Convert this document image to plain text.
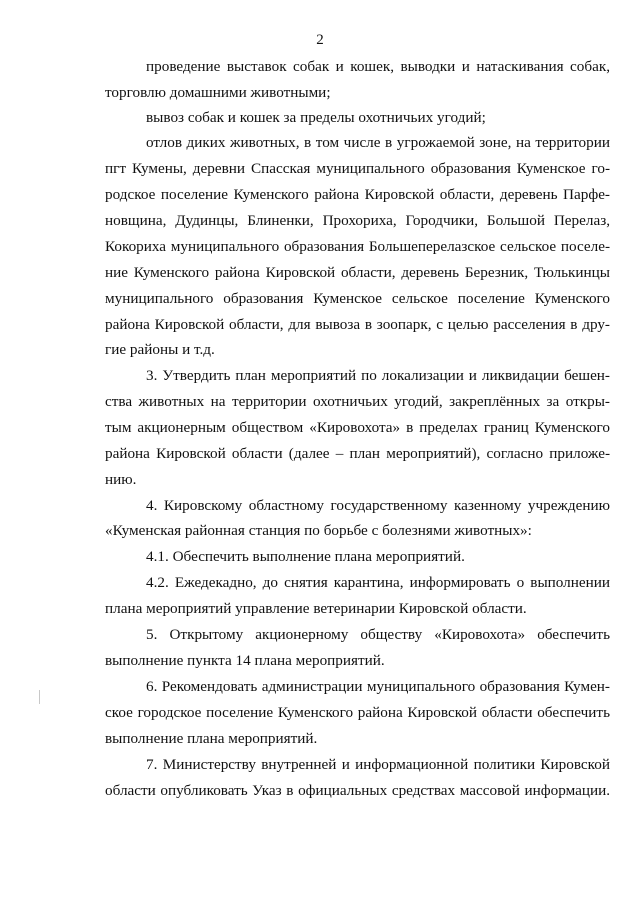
2
проведение выставок собак и кошек, выводки и натаскивания собак,
торговлю домашними животными;
вывоз собак и кошек за пределы охотничьих угодий;
отлов диких животных, в том числе в угрожаемой зоне, на территории
пгт Кумены, деревни Спасская муниципального образования Куменское го-
родское поселение Куменского района Кировской области, деревень Парфе-
новщина, Дудинцы, Блиненки, Прохориха, Городчики, Большой Перелаз,
Кокориха муниципального образования Большеперелазское сельское поселе-
ние Куменского района Кировской области, деревень Березник, Тюлькинцы
муниципального образования Куменское сельское поселение Куменского
района Кировской области, для вывоза в зоопарк, с целью расселения в дру-
гие районы и т.д.
3. Утвердить план мероприятий по локализации и ликвидации бешен-
ства животных на территории охотничьих угодий, закреплённых за откры-
тым акционерным обществом «Кировохота» в пределах границ Куменского
района Кировской области (далее – план мероприятий), согласно приложе-
нию.
4. Кировскому областному государственному казенному учреждению
«Куменская районная станция по борьбе с болезнями животных»:
4.1. Обеспечить выполнение плана мероприятий.
4.2. Ежедекадно, до снятия карантина, информировать о выполнении
плана мероприятий управление ветеринарии Кировской области.
5. Открытому акционерному обществу «Кировохота» обеспечить
выполнение пункта 14 плана мероприятий.
6. Рекомендовать администрации муниципального образования Кумен-
ское городское поселение Куменского района Кировской области обеспечить
выполнение плана мероприятий.
7. Министерству внутренней и информационной политики Кировской
области опубликовать Указ в официальных средствах массовой информации.
